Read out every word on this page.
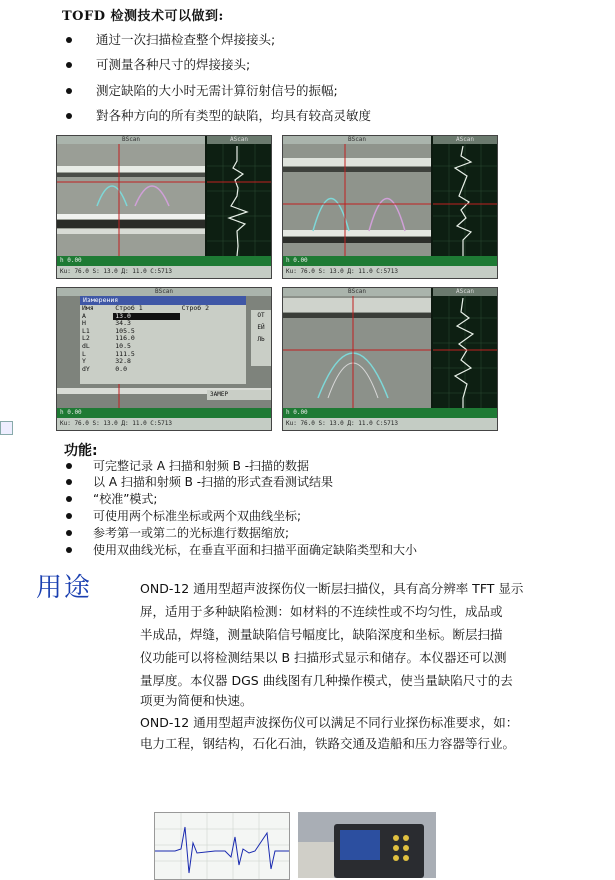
TOFD 检测技术可以做到:
通过一次扫描检查整个焊接接头;
可测量各种尺寸的焊接接头;
测定缺陷的大小时无需计算衍射信号的振幅;
對各种方向的所有类型的缺陷，均具有较高灵敏度
BScan	AScan
h 0.00
Ku: 76.0 S: 13.0 Д: 11.0 C:5713
BScan	AScan
h 0.00
Ku: 76.0 S: 13.0 Д: 11.0 C:5713
BScan
ОТ
ЕЙ
ЛЬ
ЗАМЕР
h 0.00
Ku: 76.0 S: 13.0 Д: 11.0 C:5713
Измерения
Имя	Строб 1	Строб 2
A	13.0	
H	34.3	
L1	105.5	
L2	116.0	
dL	10.5	
L	111.5	
Y	32.8	
dY	0.0	
BScan	AScan
h 0.00
Ku: 76.0 S: 13.0 Д: 11.0 C:5713
功能:
可完整记录 A 扫描和射频 B -扫描的数据
以 A 扫描和射频 B -扫描的形式查看测试结果
“校准”模式;
可使用两个标准坐标或两个双曲线坐标;
参考第一或第二的光标進行数据缩放;
使用双曲线光标，在垂直平面和扫描平面确定缺陷类型和大小
用途	OND-12 通用型超声波探伤仪一断层扫描仪，具有高分辨率 TFT 显示
屏，适用于多种缺陷检测：如材料的不连续性或不均匀性，成品或
半成品，焊缝，测量缺陷信号幅度比，缺陷深度和坐标。断层扫描
仪功能可以将检测结果以 B 扫描形式显示和储存。本仪器还可以测
量厚度。本仪器 DGS 曲线图有几种操作模式，使当量缺陷尺寸的去
项更为简便和快速。
OND-12 通用型超声波探伤仪可以满足不同行业探伤标准要求，如：
电力工程，钢结构，石化石油，铁路交通及造船和压力容器等行业。
